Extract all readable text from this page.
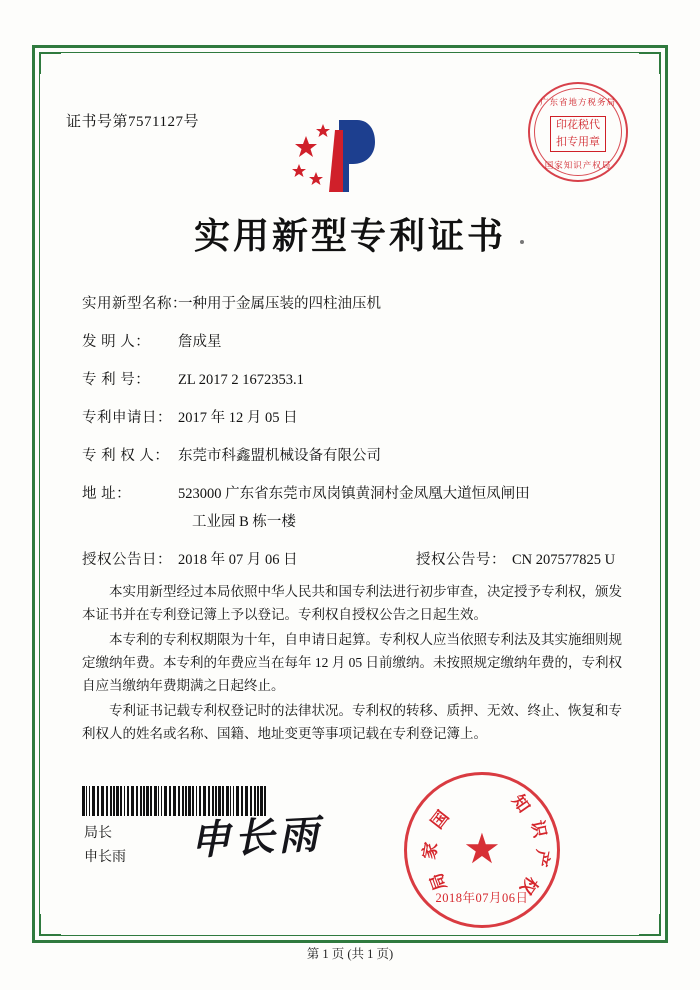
证书号第7571127号
广东省地方税务局
印花税代扣专用章
国家知识产权局
实用新型专利证书
实用新型名称：一种用于金属压装的四柱油压机
发 明 人： 詹成星
专 利 号： ZL 2017 2 1672353.1
专利申请日： 2017 年 12 月 05 日
专 利 权 人： 东莞市科鑫盟机械设备有限公司
地 址：	523000 广东省东莞市凤岗镇黄洞村金凤凰大道恒凤闸田
工业园 B 栋一楼
授权公告日： 2018 年 07 月 06 日	授权公告号： CN 207577825 U

本实用新型经过本局依照中华人民共和国专利法进行初步审查，决定授予专利权，颁发本证书并在专利登记簿上予以登记。专利权自授权公告之日起生效。

本专利的专利权期限为十年，自申请日起算。专利权人应当依照专利法及其实施细则规定缴纳年费。本专利的年费应当在每年 12 月 05 日前缴纳。未按照规定缴纳年费的，专利权自应当缴纳年费期满之日起终止。

专利证书记载专利权登记时的法律状况。专利权的转移、质押、无效、终止、恢复和专利权人的姓名或名称、国籍、地址变更等事项记载在专利登记簿上。

局长
申长雨 申长雨	★
知
识
产
权
家
国
局
2018年07月06日
第 1 页 (共 1 页)
